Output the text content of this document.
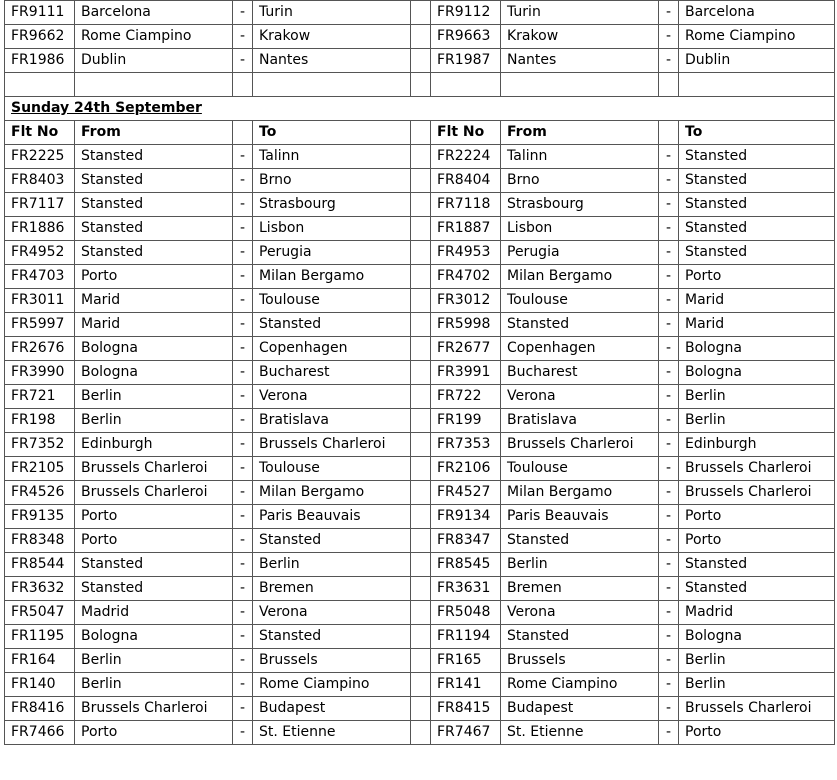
FR9111	Barcelona	-	Turin		FR9112	Turin	-	Barcelona
FR9662	Rome Ciampino	-	Krakow		FR9663	Krakow	-	Rome Ciampino
FR1986	Dublin	-	Nantes		FR1987	Nantes	-	Dublin

Sunday 24th September								
Flt No	From		To		Flt No	From		To
FR2225	Stansted	-	Talinn		FR2224	Talinn	-	Stansted
FR8403	Stansted	-	Brno		FR8404	Brno	-	Stansted
FR7117	Stansted	-	Strasbourg		FR7118	Strasbourg	-	Stansted
FR1886	Stansted	-	Lisbon		FR1887	Lisbon	-	Stansted
FR4952	Stansted	-	Perugia		FR4953	Perugia	-	Stansted
FR4703	Porto	-	Milan Bergamo		FR4702	Milan Bergamo	-	Porto
FR3011	Marid	-	Toulouse		FR3012	Toulouse	-	Marid
FR5997	Marid	-	Stansted		FR5998	Stansted	-	Marid
FR2676	Bologna	-	Copenhagen		FR2677	Copenhagen	-	Bologna
FR3990	Bologna	-	Bucharest		FR3991	Bucharest	-	Bologna
FR721	Berlin	-	Verona		FR722	Verona	-	Berlin
FR198	Berlin	-	Bratislava		FR199	Bratislava	-	Berlin
FR7352	Edinburgh	-	Brussels Charleroi		FR7353	Brussels Charleroi	-	Edinburgh
FR2105	Brussels Charleroi	-	Toulouse		FR2106	Toulouse	-	Brussels Charleroi
FR4526	Brussels Charleroi	-	Milan Bergamo		FR4527	Milan Bergamo	-	Brussels Charleroi
FR9135	Porto	-	Paris Beauvais		FR9134	Paris Beauvais	-	Porto
FR8348	Porto	-	Stansted		FR8347	Stansted	-	Porto
FR8544	Stansted	-	Berlin		FR8545	Berlin	-	Stansted
FR3632	Stansted	-	Bremen		FR3631	Bremen	-	Stansted
FR5047	Madrid	-	Verona		FR5048	Verona	-	Madrid
FR1195	Bologna	-	Stansted		FR1194	Stansted	-	Bologna
FR164	Berlin	-	Brussels		FR165	Brussels	-	Berlin
FR140	Berlin	-	Rome Ciampino		FR141	Rome Ciampino	-	Berlin
FR8416	Brussels Charleroi	-	Budapest		FR8415	Budapest	-	Brussels Charleroi
FR7466	Porto	-	St. Etienne		FR7467	St. Etienne	-	Porto
